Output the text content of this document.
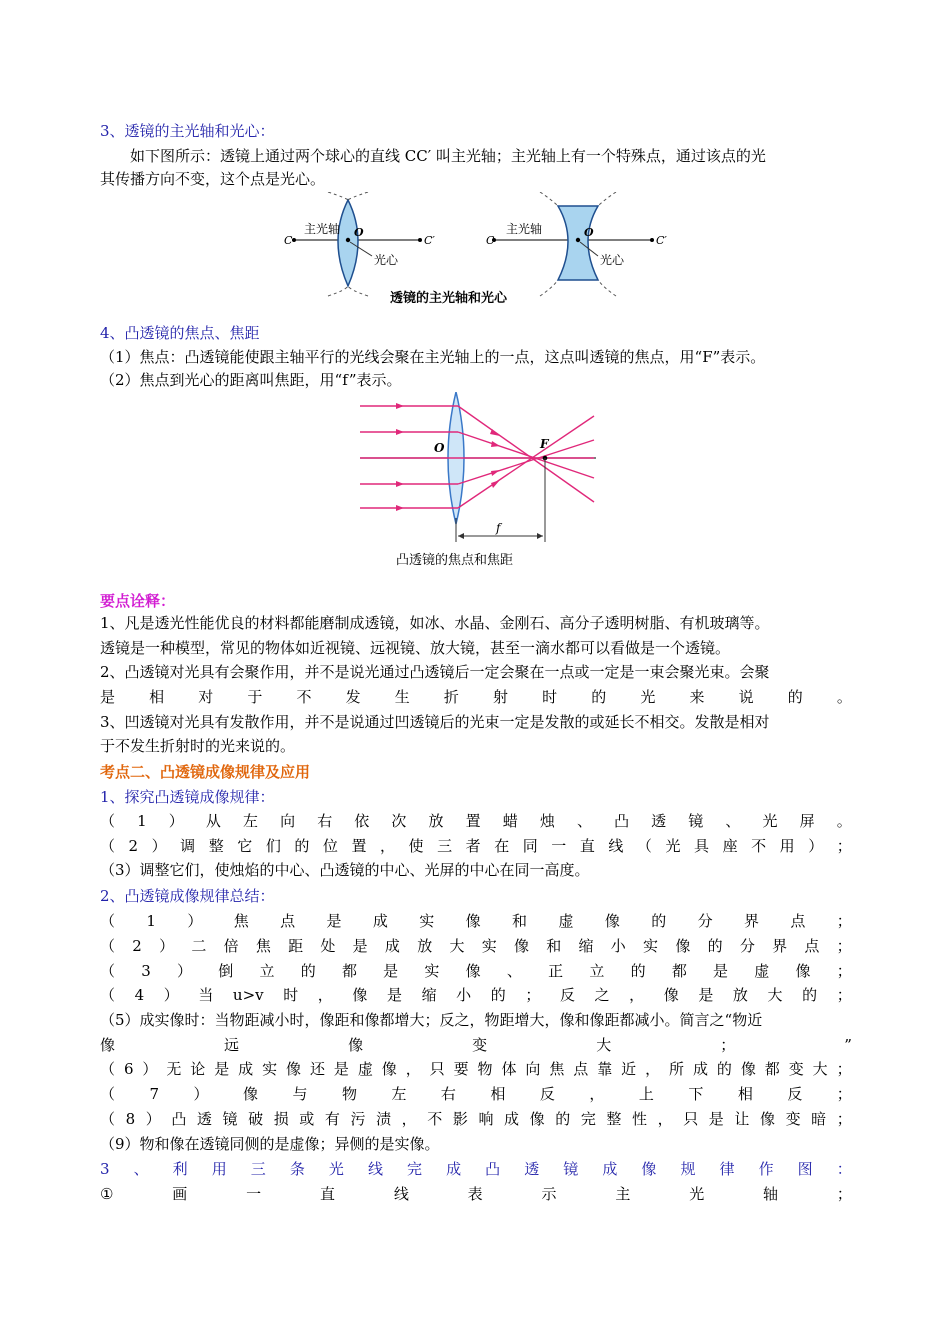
3、透镜的主光轴和光心：
如下图所示：透镜上通过两个球心的直线 CC′ 叫主光轴；主光轴上有一个特殊点，通过该点的光
其传播方向不变，这个点是光心。
C	C′
主光轴 O
光心
C	C′
主光轴	O
光心
透镜的主光轴和光心
4、凸透镜的焦点、焦距
（1）焦点：凸透镜能使跟主轴平行的光线会聚在主光轴上的一点，这点叫透镜的焦点，用“F”表示。
（2）焦点到光心的距离叫焦距，用“f”表示。
O	F
f
凸透镜的焦点和焦距
要点诠释：
1、凡是透光性能优良的材料都能磨制成透镜，如冰、水晶、金刚石、高分子透明树脂、有机玻璃等。
透镜是一种模型，常见的物体如近视镜、远视镜、放大镜，甚至一滴水都可以看做是一个透镜。
2、凸透镜对光具有会聚作用，并不是说光通过凸透镜后一定会聚在一点或一定是一束会聚光束。会聚
是 相 对 于 不 发 生 折 射 时 的 光 来 说 的 。
3、凹透镜对光具有发散作用，并不是说通过凹透镜后的光束一定是发散的或延长不相交。发散是相对
于不发生折射时的光来说的。
考点二、凸透镜成像规律及应用
1、探究凸透镜成像规律：
（ 1 ） 从 左 向 右 依 次 放 置 蜡 烛 、 凸 透 镜 、 光 屏 。
（ 2 ） 调 整 它 们 的 位 置 ， 使 三 者 在 同 一 直 线 （ 光 具 座 不 用 ） ；
（3）调整它们，使烛焰的中心、凸透镜的中心、光屏的中心在同一高度。
2、凸透镜成像规律总结：
（ 1 ） 焦 点 是 成 实 像 和 虚 像 的 分 界 点 ；
（ 2 ） 二 倍 焦 距 处 是 成 放 大 实 像 和 缩 小 实 像 的 分 界 点 ；
（ 3 ） 倒 立 的 都 是 实 像 、 正 立 的 都 是 虚 像 ；
（ 4 ） 当 u>v 时 ， 像 是 缩 小 的 ； 反 之 ， 像 是 放 大 的 ；
（5）成实像时：当物距减小时，像距和像都增大；反之，物距增大，像和像距都减小。简言之“物近
像	远	像	变	大	；	”
（ 6 ） 无 论 是 成 实 像 还 是 虚 像 ， 只 要 物 体 向 焦 点 靠 近 ， 所 成 的 像 都 变 大 ；
（ 7 ） 像 与 物 左 右 相 反 ， 上 下 相 反 ；
（ 8 ） 凸 透 镜 破 损 或 有 污 渍 ， 不 影 响 成 像 的 完 整 性 ， 只 是 让 像 变 暗 ；
（9）物和像在透镜同侧的是虚像；异侧的是实像。
3 、 利 用 三 条 光 线 完 成 凸 透 镜 成 像 规 律 作 图 ：
①	画	一	直	线	表	示	主	光	轴	；
